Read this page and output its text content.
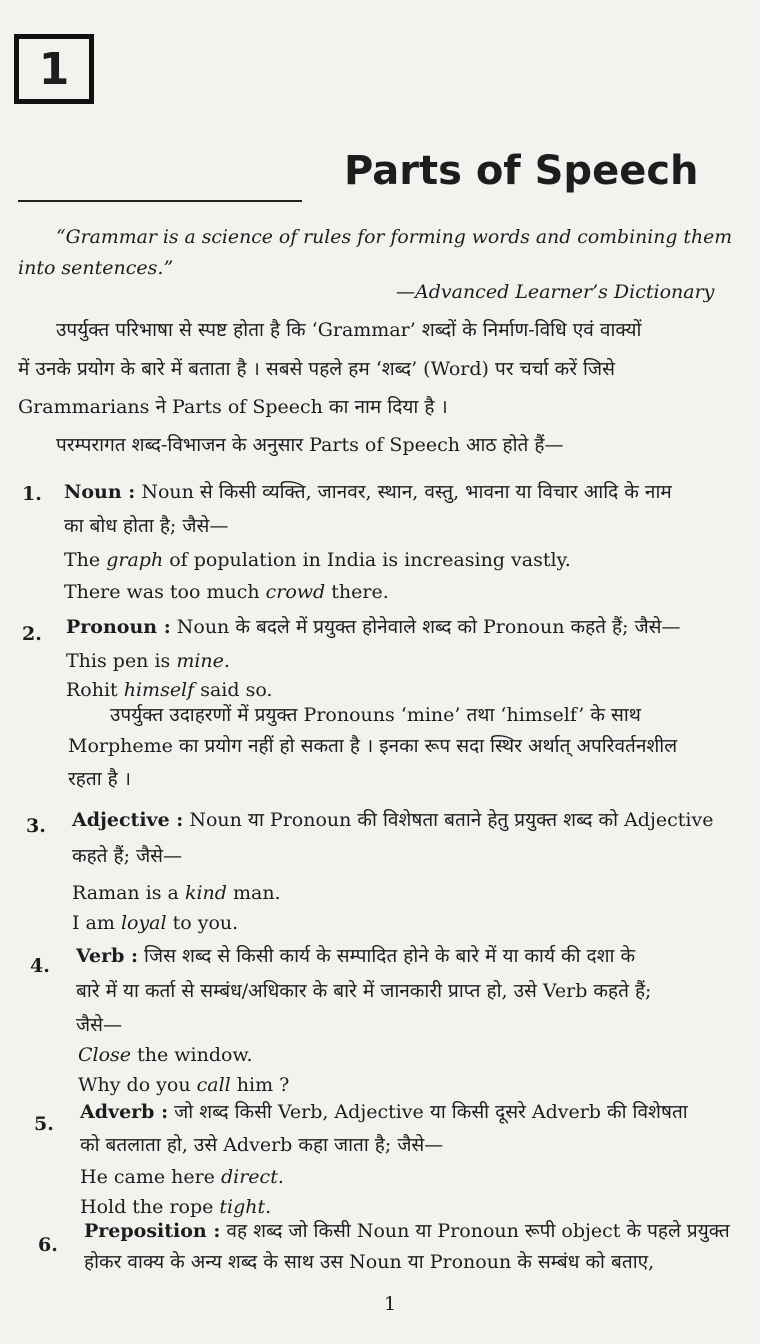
1
Parts of Speech
“Grammar is a science of rules for forming words and combining them
into sentences.”
—Advanced Learner’s Dictionary
उपर्युक्त परिभाषा से स्पष्ट होता है कि ‘Grammar’ शब्दों के निर्माण-विधि एवं वाक्यों
में उनके प्रयोग के बारे में बताता है । सबसे पहले हम ‘शब्द’ (Word) पर चर्चा करें जिसे
Grammarians ने Parts of Speech का नाम दिया है ।
परम्परागत शब्द-विभाजन के अनुसार Parts of Speech आठ होते हैं—
1. Noun : Noun से किसी व्यक्ति, जानवर, स्थान, वस्तु, भावना या विचार आदि के नाम
का बोध होता है; जैसे—
The graph of population in India is increasing vastly.
There was too much crowd there.
2. Pronoun : Noun के बदले में प्रयुक्त होनेवाले शब्द को Pronoun कहते हैं; जैसे—
This pen is mine.
Rohit himself said so.
उपर्युक्त उदाहरणों में प्रयुक्त Pronouns ‘mine’ तथा ‘himself’ के साथ
Morpheme का प्रयोग नहीं हो सकता है । इनका रूप सदा स्थिर अर्थात् अपरिवर्तनशील
रहता है ।
3. Adjective : Noun या Pronoun की विशेषता बताने हेतु प्रयुक्त शब्द को Adjective
कहते हैं; जैसे—
Raman is a kind man.
I am loyal to you.
4. Verb : जिस शब्द से किसी कार्य के सम्पादित होने के बारे में या कार्य की दशा के
बारे में या कर्ता से सम्बंध/अधिकार के बारे में जानकारी प्राप्त हो, उसे Verb कहते हैं;
जैसे—
Close the window.
Why do you call him ?
5.
Adverb : जो शब्द किसी Verb, Adjective या किसी दूसरे Adverb की विशेषता
को बतलाता हो, उसे Adverb कहा जाता है; जैसे—
He came here direct.
Hold the rope tight.
6.
Preposition : वह शब्द जो किसी Noun या Pronoun रूपी object के पहले प्रयुक्त
होकर वाक्य के अन्य शब्द के साथ उस Noun या Pronoun के सम्बंध को बताए,
1
